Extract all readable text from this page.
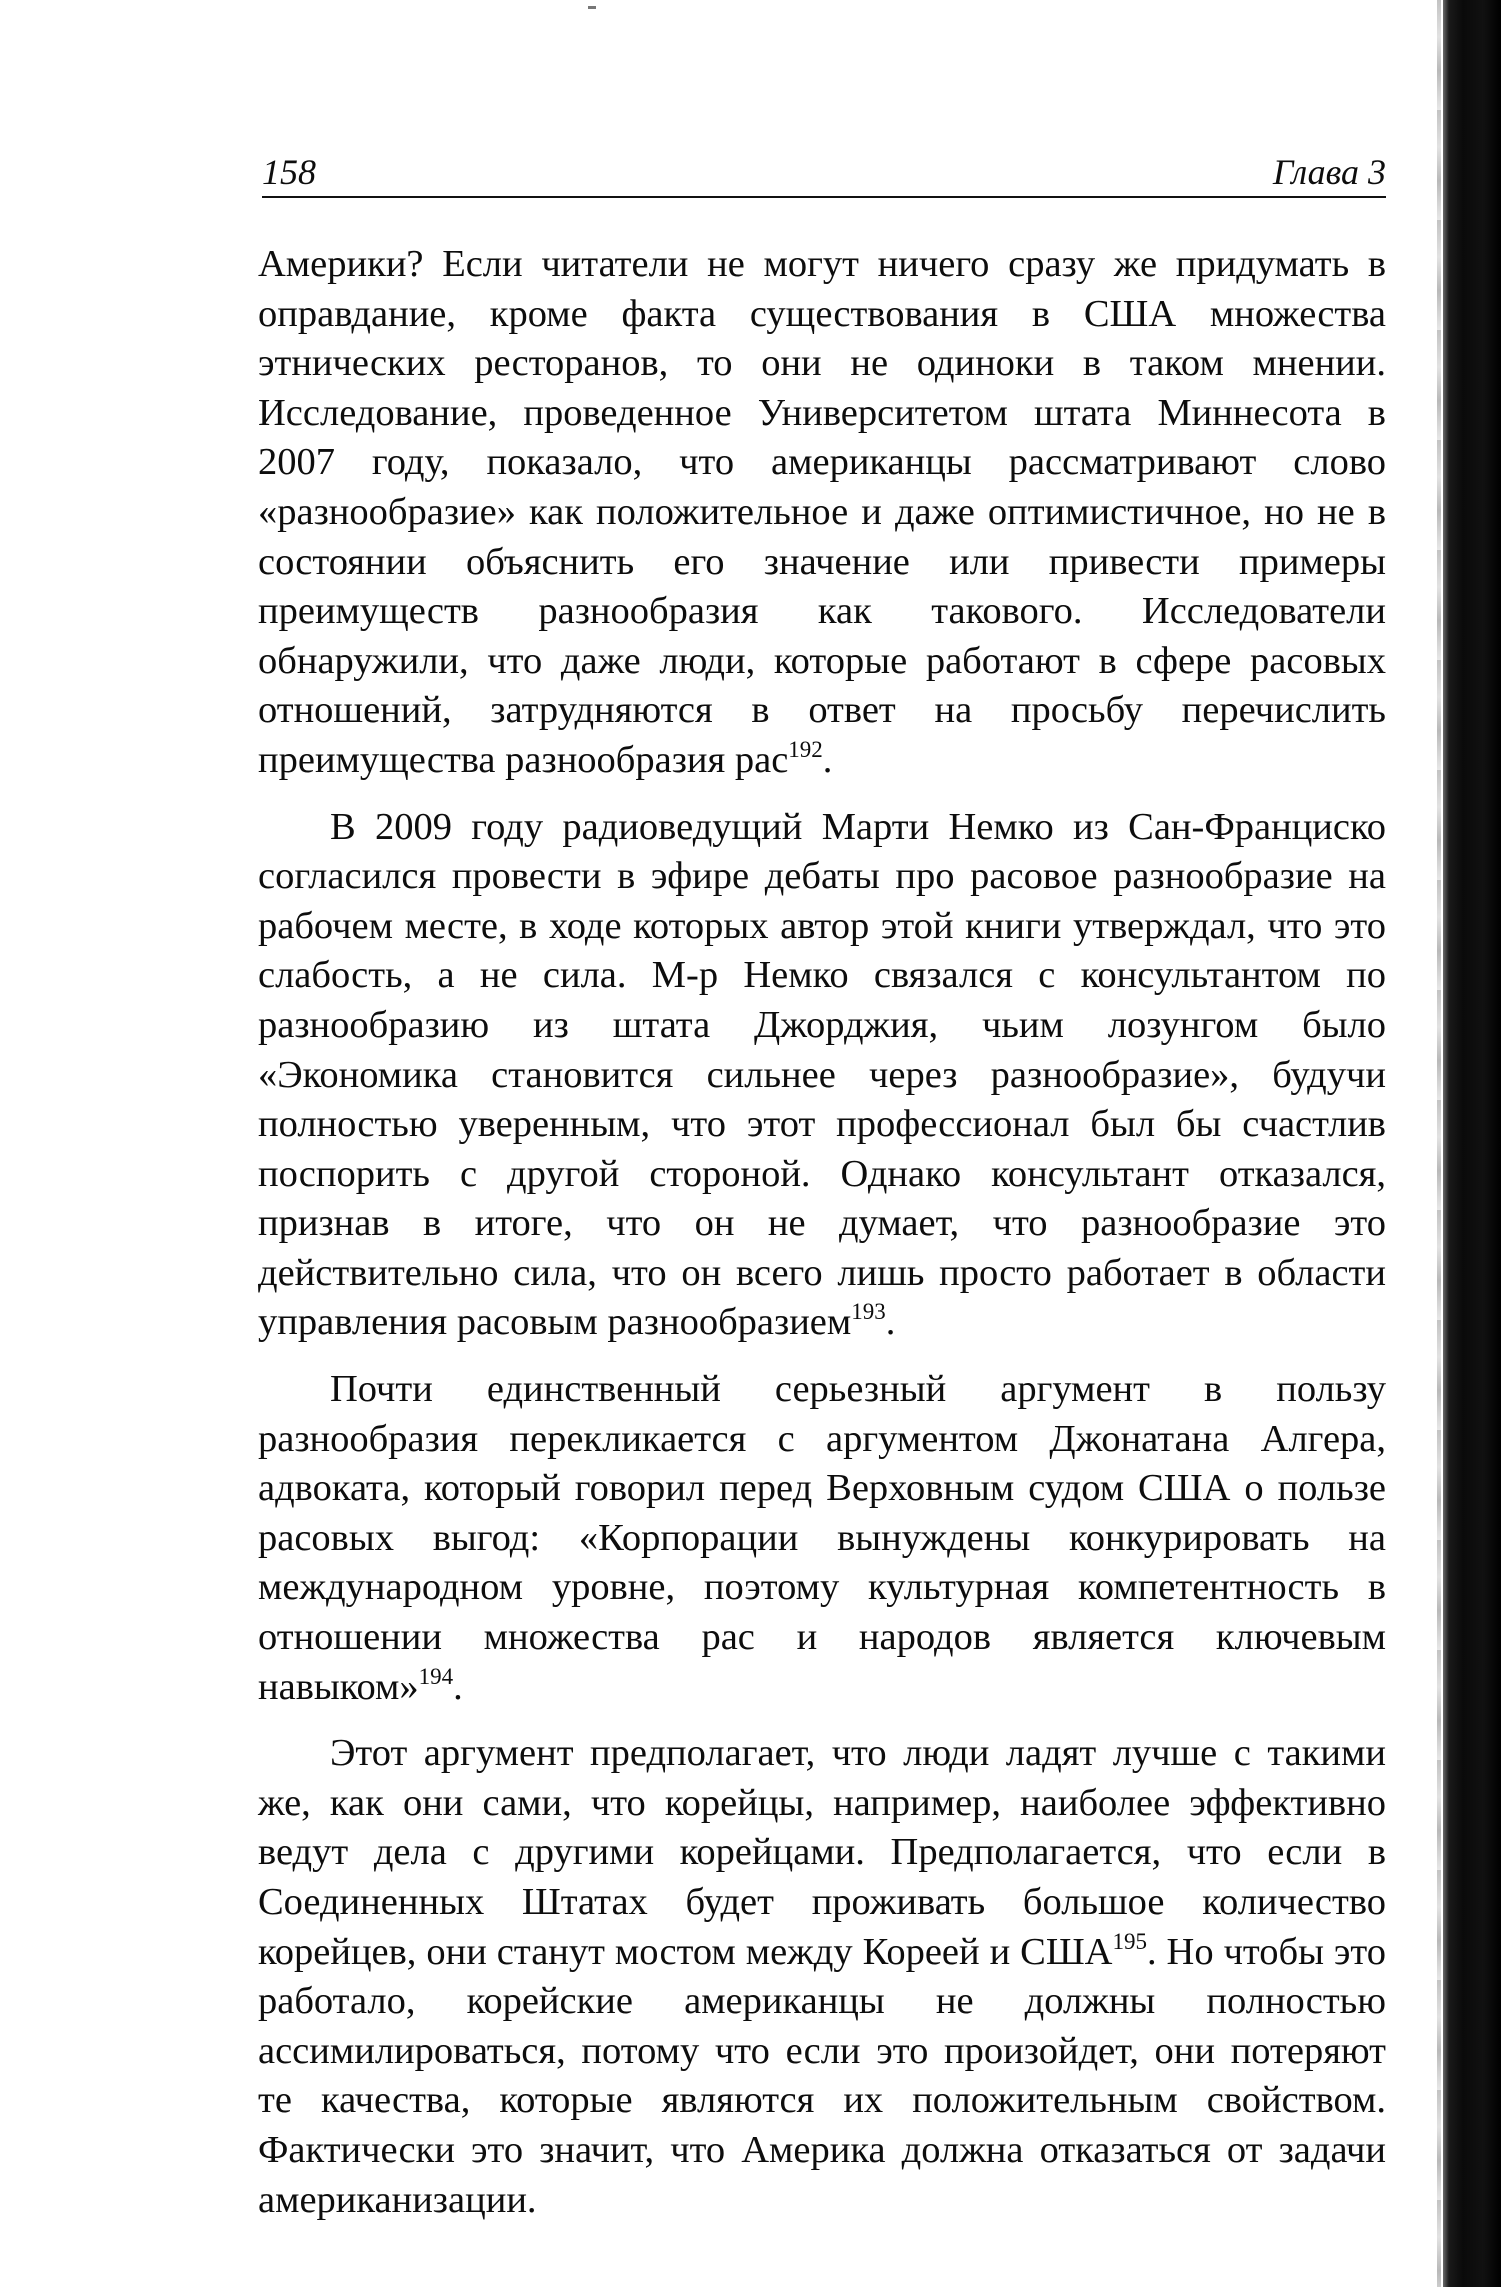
158	Глава 3

Америки? Если читатели не могут ничего сразу же придумать в оправдание, кроме факта существования в США множества этнических ресторанов, то они не одиноки в таком мнении. Исследование, проведенное Университетом штата Миннесота в 2007 году, показало, что американцы рассматривают слово «разнообразие» как положительное и даже оптимистичное, но не в состоянии объяснить его значение или привести примеры преимуществ разнообразия как такового. Исследователи обнаружили, что даже люди, которые работают в сфере расовых отношений, затрудняются в ответ на просьбу перечислить преимущества разнообразия рас$^{192}$.

В 2009 году радиоведущий Марти Немко из Сан-Франциско согласился провести в эфире дебаты про расовое разнообразие на рабочем месте, в ходе которых автор этой книги утверждал, что это слабость, а не сила. М-р Немко связался с консультантом по разнообразию из штата Джорджия, чьим лозунгом было «Экономика становится сильнее через разнообразие», будучи полностью уверенным, что этот профессионал был бы счастлив поспорить с другой стороной. Однако консультант отказался, признав в итоге, что он не думает, что разнообразие это действительно сила, что он всего лишь просто работает в области управления расовым разнообразием$^{193}$.

Почти единственный серьезный аргумент в пользу разнообразия перекликается с аргументом Джонатана Алгера, адвоката, который говорил перед Верховным судом США о пользе расовых выгод: «Корпорации вынуждены конкурировать на международном уровне, поэтому культурная компетентность в отношении множества рас и народов является ключевым навыком»$^{194}$.

Этот аргумент предполагает, что люди ладят лучше с такими же, как они сами, что корейцы, например, наиболее эффективно ведут дела с другими корейцами. Предполагается, что если в Соединенных Штатах будет проживать большое количество корейцев, они станут мостом между Кореей и США$^{195}$. Но чтобы это работало, корейские американцы не должны полностью ассимилироваться, потому что если это произойдет, они потеряют те качества, которые являются их положительным свойством. Фактически это значит, что Америка должна отказаться от задачи американизации.
